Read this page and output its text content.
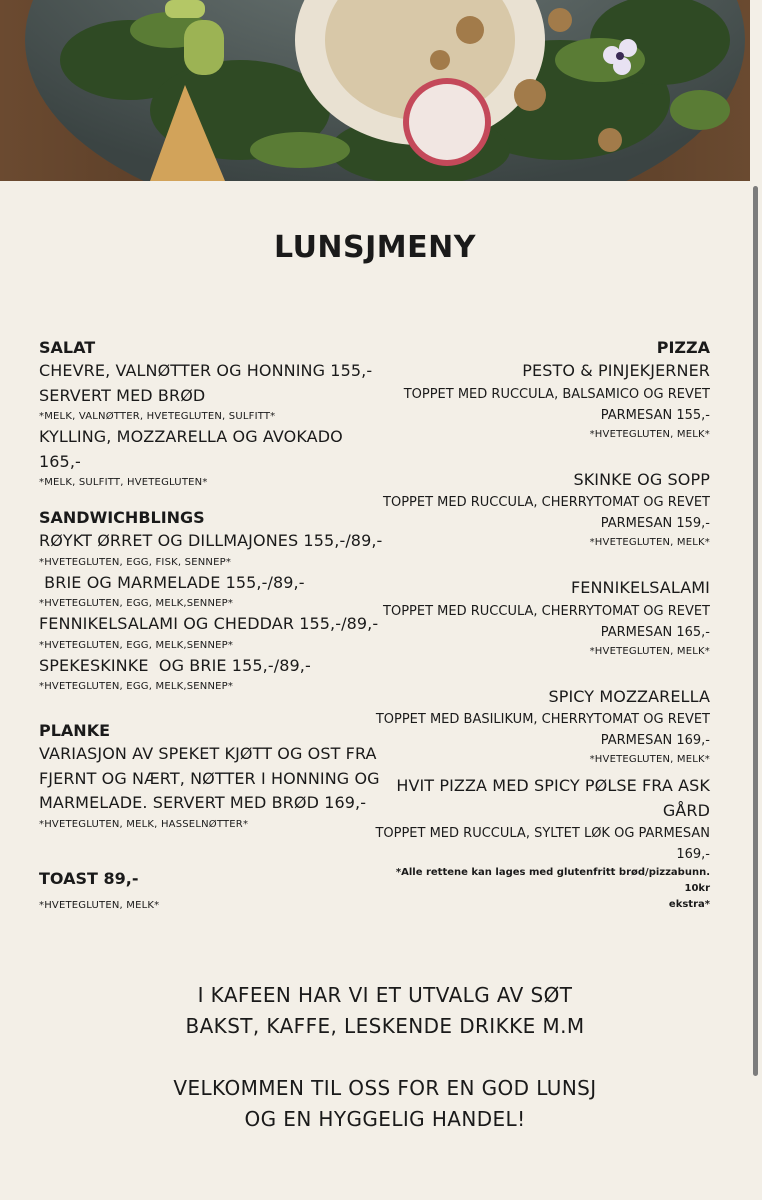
LUNSJMENY
SALAT
CHEVRE, VALNØTTER OG HONNING 155,-
SERVERT MED BRØD
*MELK, VALNØTTER, HVETEGLUTEN, SULFITT*
KYLLING, MOZZARELLA OG AVOKADO 165,-
*MELK, SULFITT, HVETEGLUTEN*
SANDWICHBLINGS
RØYKT ØRRET OG DILLMAJONES 155,-/89,-
*HVETEGLUTEN, EGG, FISK, SENNEP*
BRIE OG MARMELADE 155,-/89,-
*HVETEGLUTEN, EGG, MELK,SENNEP*
FENNIKELSALAMI OG CHEDDAR 155,-/89,-
*HVETEGLUTEN, EGG, MELK,SENNEP*
SPEKESKINKE  OG BRIE 155,-/89,-
*HVETEGLUTEN, EGG, MELK,SENNEP*
PLANKE
VARIASJON AV SPEKET KJØTT OG OST FRA
FJERNT OG NÆRT, NØTTER I HONNING OG
MARMELADE. SERVERT MED BRØD 169,-
*HVETEGLUTEN, MELK, HASSELNØTTER*
TOAST 89,-
*HVETEGLUTEN, MELK*
PIZZA
PESTO & PINJEKJERNER
TOPPET MED RUCCULA, BALSAMICO OG REVET
PARMESAN 155,-
*HVETEGLUTEN, MELK*
SKINKE OG SOPP
TOPPET MED RUCCULA, CHERRYTOMAT OG REVET
PARMESAN 159,-
*HVETEGLUTEN, MELK*
FENNIKELSALAMI
TOPPET MED RUCCULA, CHERRYTOMAT OG REVET
PARMESAN 165,-
*HVETEGLUTEN, MELK*
SPICY MOZZARELLA
TOPPET MED BASILIKUM, CHERRYTOMAT OG REVET
PARMESAN 169,-
*HVETEGLUTEN, MELK*
HVIT PIZZA MED SPICY PØLSE FRA ASK
GÅRD
TOPPET MED RUCCULA, SYLTET LØK OG PARMESAN
169,-
*Alle rettene kan lages med glutenfritt brød/pizzabunn. 10kr
ekstra*
I KAFEEN HAR VI ET UTVALG AV SØT
BAKST, KAFFE, LESKENDE DRIKKE M.M
VELKOMMEN TIL OSS FOR EN GOD LUNSJ
OG EN HYGGELIG HANDEL!
